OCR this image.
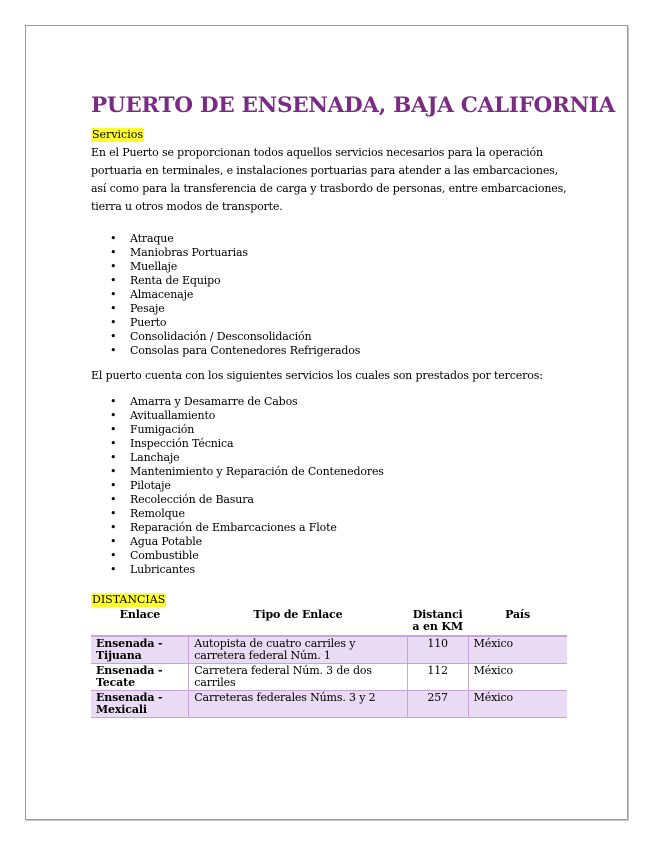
PUERTO DE ENSENADA, BAJA CALIFORNIA
Servicios

En el Puerto se proporcionan todos aquellos servicios necesarios para la operación portuaria en terminales, e instalaciones portuarias para atender a las embarcaciones, así como para la transferencia de carga y trasbordo de personas, entre embarcaciones, tierra u otros modos de transporte.

• Atraque
• Maniobras Portuarias
• Muellaje
• Renta de Equipo
• Almacenaje
• Pesaje
• Puerto
• Consolidación / Desconsolidación
• Consolas para Contenedores Refrigerados

El puerto cuenta con los siguientes servicios los cuales son prestados por terceros:

• Amarra y Desamarre de Cabos
• Avituallamiento
• Fumigación
• Inspección Técnica
• Lanchaje
• Mantenimiento y Reparación de Contenedores
• Pilotaje
• Recolección de Basura
• Remolque
• Reparación de Embarcaciones a Flote
• Agua Potable
• Combustible
• Lubricantes
DISTANCIAS
Enlace	Tipo de Enlace	Distancia en KM	País
Ensenada - Tijuana	Autopista de cuatro carriles y carretera federal Núm. 1	110	México
Ensenada - Tecate	Carretera federal Núm. 3 de dos carriles	112	México
Ensenada - Mexicali	Carreteras federales Núms. 3 y 2	257	México
